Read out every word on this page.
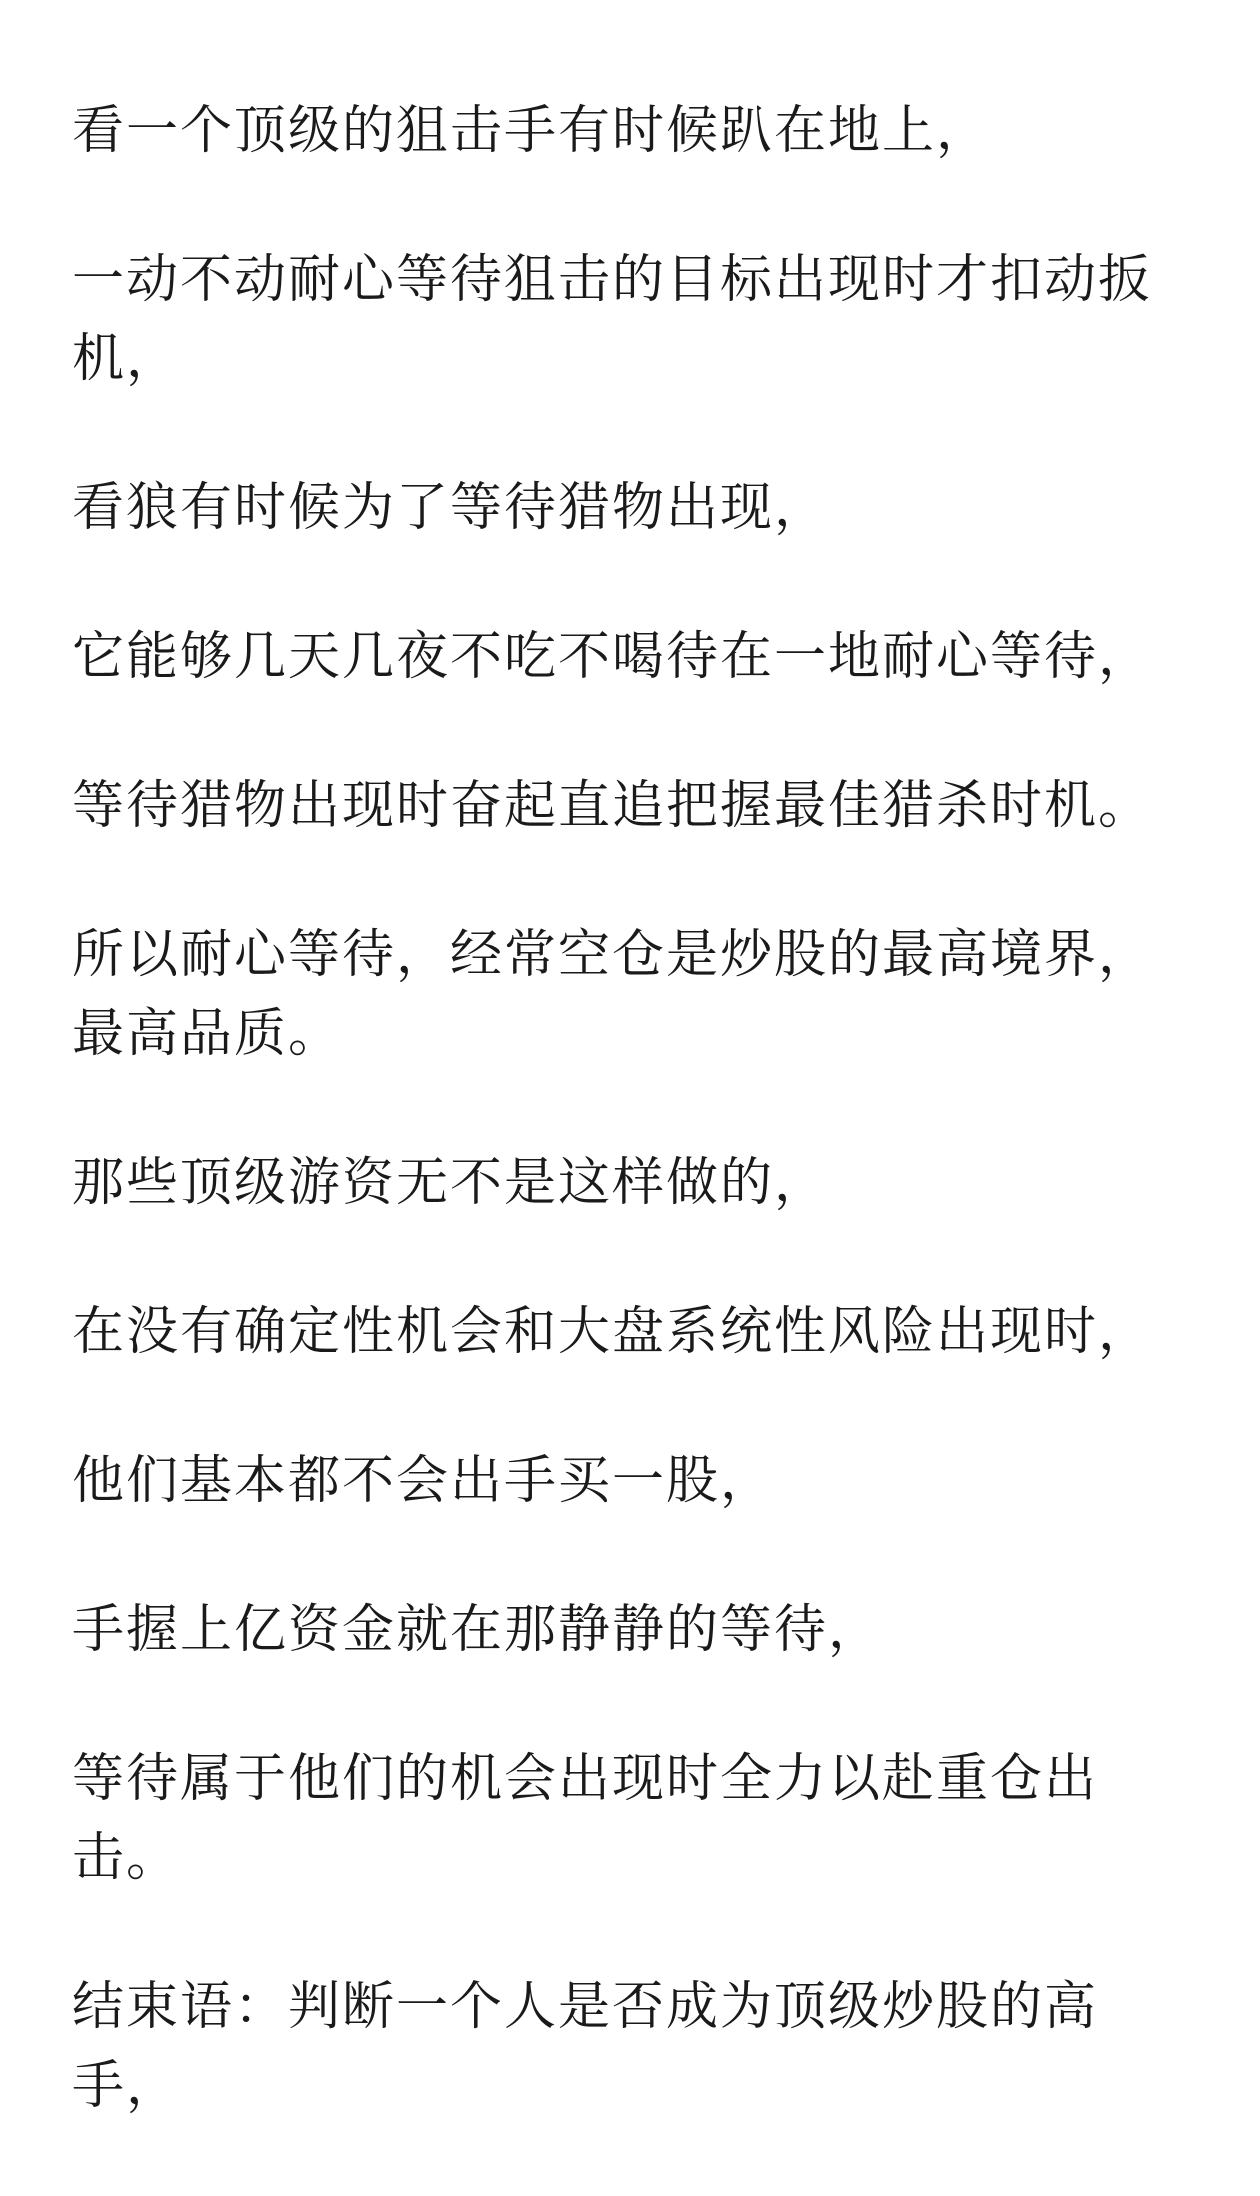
看一个顶级的狙击手有时候趴在地上，

一动不动耐心等待狙击的目标出现时才扣动扳机，

看狼有时候为了等待猎物出现，

它能够几天几夜不吃不喝待在一地耐心等待，

等待猎物出现时奋起直追把握最佳猎杀时机。

所以耐心等待，经常空仓是炒股的最高境界，最高品质。

那些顶级游资无不是这样做的，

在没有确定性机会和大盘系统性风险出现时，

他们基本都不会出手买一股，

手握上亿资金就在那静静的等待，

等待属于他们的机会出现时全力以赴重仓出击。

结束语：判断一个人是否成为顶级炒股的高手，
